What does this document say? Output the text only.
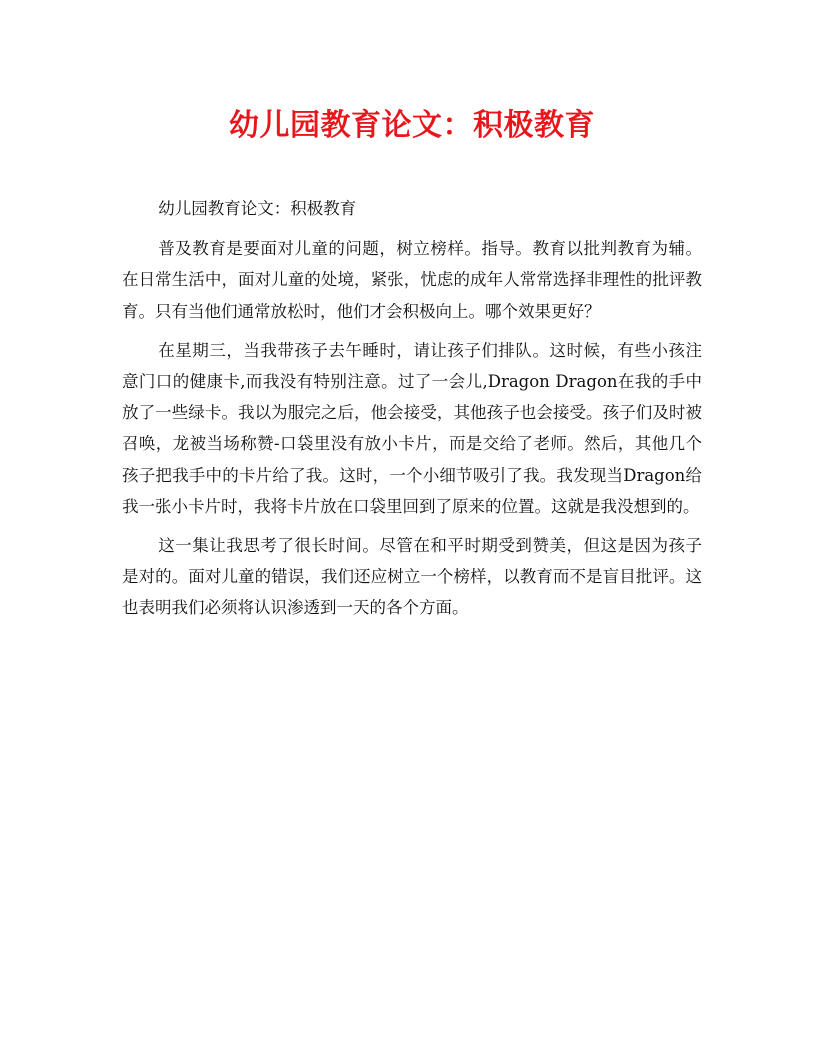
幼儿园教育论文：积极教育

幼儿园教育论文：积极教育

普及教育是要面对儿童的问题，树立榜样。指导。教育以批判教育为辅。在日常生活中，面对儿童的处境，紧张，忧虑的成年人常常选择非理性的批评教育。只有当他们通常放松时，他们才会积极向上。哪个效果更好？

在星期三，当我带孩子去午睡时，请让孩子们排队。这时候，有些小孩注意门口的健康卡,而我没有特别注意。过了一会儿,Dragon Dragon在我的手中放了一些绿卡。我以为服完之后，他会接受，其他孩子也会接受。孩子们及时被召唤，龙被当场称赞-口袋里没有放小卡片，而是交给了老师。然后，其他几个孩子把我手中的卡片给了我。这时，一个小细节吸引了我。我发现当Dragon给我一张小卡片时，我将卡片放在口袋里回到了原来的位置。这就是我没想到的。

这一集让我思考了很长时间。尽管在和平时期受到赞美，但这是因为孩子是对的。面对儿童的错误，我们还应树立一个榜样，以教育而不是盲目批评。这也表明我们必须将认识渗透到一天的各个方面。
